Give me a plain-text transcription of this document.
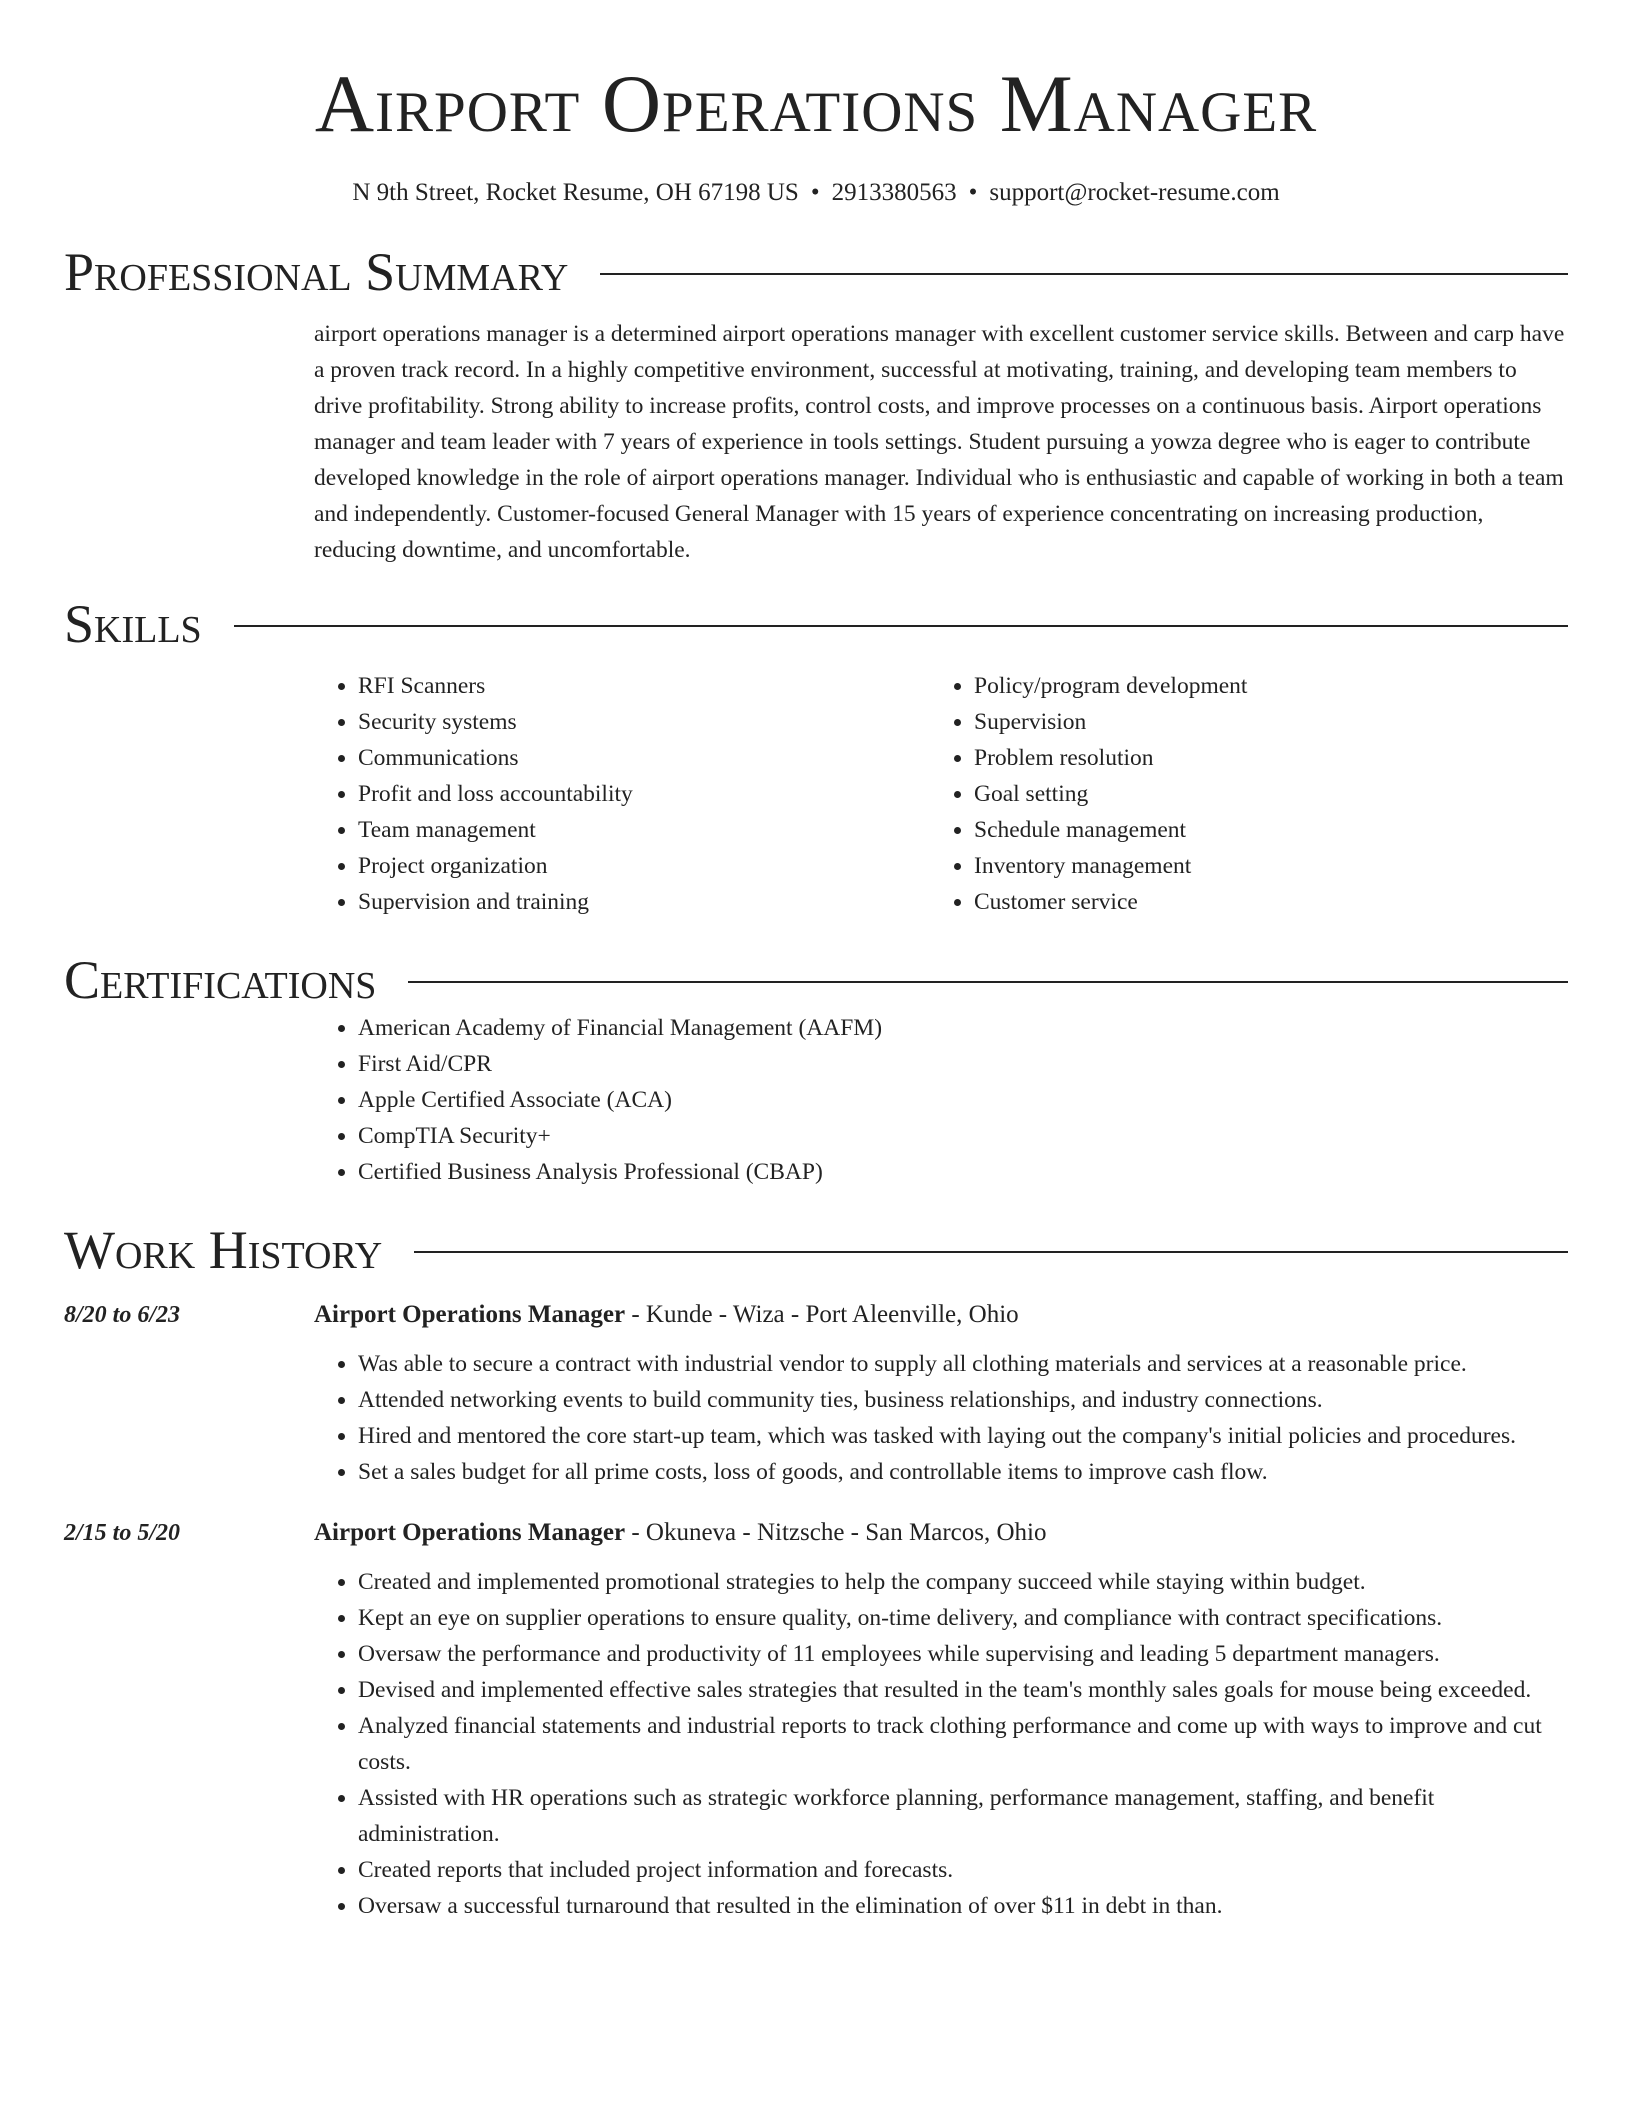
Airport Operations Manager
N 9th Street, Rocket Resume, OH 67198 US • 2913380563 • support@rocket-resume.com
Professional Summary

airport operations manager is a determined airport operations manager with excellent customer service skills. Between and carp have a proven track record. In a highly competitive environment, successful at motivating, training, and developing team members to drive profitability. Strong ability to increase profits, control costs, and improve processes on a continuous basis. Airport operations manager and team leader with 7 years of experience in tools settings. Student pursuing a yowza degree who is eager to contribute developed knowledge in the role of airport operations manager. Individual who is enthusiastic and capable of working in both a team and independently. Customer-focused General Manager with 15 years of experience concentrating on increasing production, reducing downtime, and uncomfortable.

Skills
• RFI Scanners
• Security systems
• Communications
• Profit and loss accountability
• Team management
• Project organization
• Supervision and training
• Policy/program development
• Supervision
• Problem resolution
• Goal setting
• Schedule management
• Inventory management
• Customer service
Certifications
• American Academy of Financial Management (AAFM)
• First Aid/CPR
• Apple Certified Associate (ACA)
• CompTIA Security+
• Certified Business Analysis Professional (CBAP)
Work History
8/20 to 6/23	Airport Operations Manager - Kunde - Wiza - Port Aleenville, Ohio
• Was able to secure a contract with industrial vendor to supply all clothing materials and services at a reasonable price.
• Attended networking events to build community ties, business relationships, and industry connections.
• Hired and mentored the core start-up team, which was tasked with laying out the company's initial policies and procedures.
• Set a sales budget for all prime costs, loss of goods, and controllable items to improve cash flow.
2/15 to 5/20	Airport Operations Manager - Okuneva - Nitzsche - San Marcos, Ohio
• Created and implemented promotional strategies to help the company succeed while staying within budget.
• Kept an eye on supplier operations to ensure quality, on-time delivery, and compliance with contract specifications.
• Oversaw the performance and productivity of 11 employees while supervising and leading 5 department managers.
• Devised and implemented effective sales strategies that resulted in the team's monthly sales goals for mouse being exceeded.
• Analyzed financial statements and industrial reports to track clothing performance and come up with ways to improve and cut costs.
• Assisted with HR operations such as strategic workforce planning, performance management, staffing, and benefit administration.
• Created reports that included project information and forecasts.
• Oversaw a successful turnaround that resulted in the elimination of over $11 in debt in than.
